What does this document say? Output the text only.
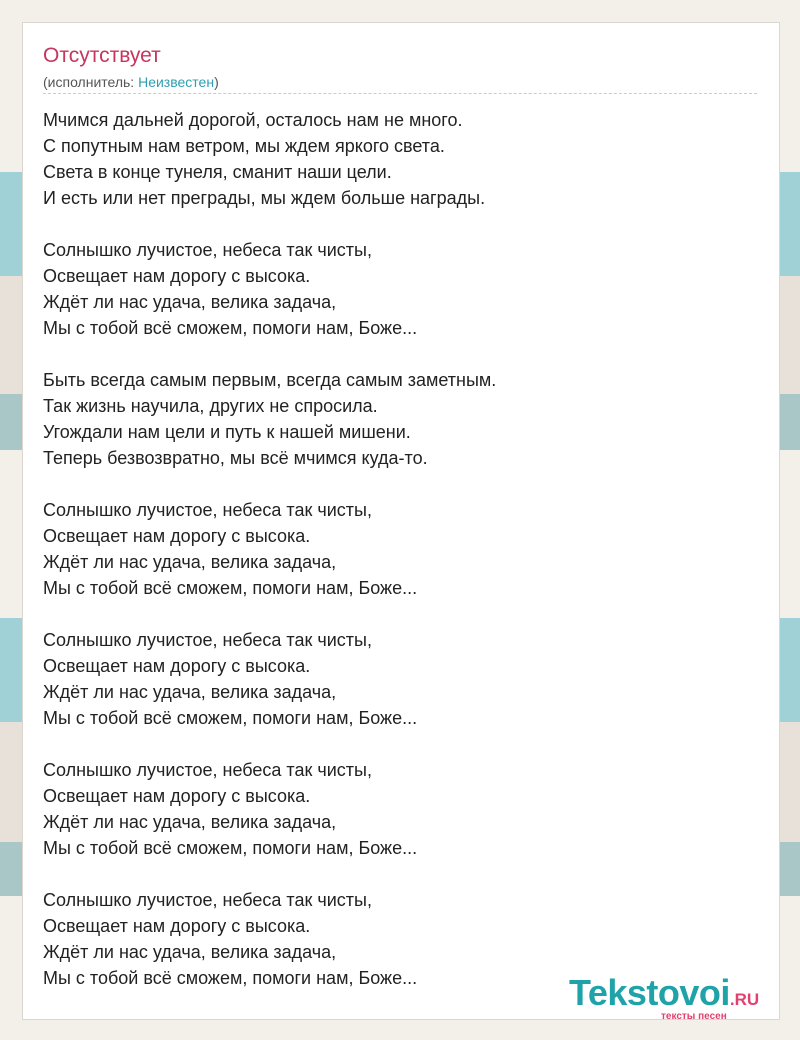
Отсутствует
(исполнитель: Неизвестен)
Мчимся дальней дорогой, осталось нам не много.
С попутным нам ветром, мы ждем яркого света.
Света в конце тунеля, сманит наши цели.
И есть или нет преграды, мы ждем больше награды.
Солнышко лучистое, небеса так чисты,
Освещает нам дорогу с высока.
Ждёт ли нас удача, велика задача,
Мы с тобой всё сможем, помоги нам, Боже...
Быть всегда самым первым, всегда самым заметным.
Так жизнь научила, других не спросила.
Угождали нам цели и путь к нашей мишени.
Теперь безвозвратно, мы всё мчимся куда-то.
Солнышко лучистое, небеса так чисты,
Освещает нам дорогу с высока.
Ждёт ли нас удача, велика задача,
Мы с тобой всё сможем, помоги нам, Боже...
Солнышко лучистое, небеса так чисты,
Освещает нам дорогу с высока.
Ждёт ли нас удача, велика задача,
Мы с тобой всё сможем, помоги нам, Боже...
Солнышко лучистое, небеса так чисты,
Освещает нам дорогу с высока.
Ждёт ли нас удача, велика задача,
Мы с тобой всё сможем, помоги нам, Боже...
Солнышко лучистое, небеса так чисты,
Освещает нам дорогу с высока.
Ждёт ли нас удача, велика задача,
Мы с тобой всё сможем, помоги нам, Боже...	Tekstovoi.RU
тексты песен
